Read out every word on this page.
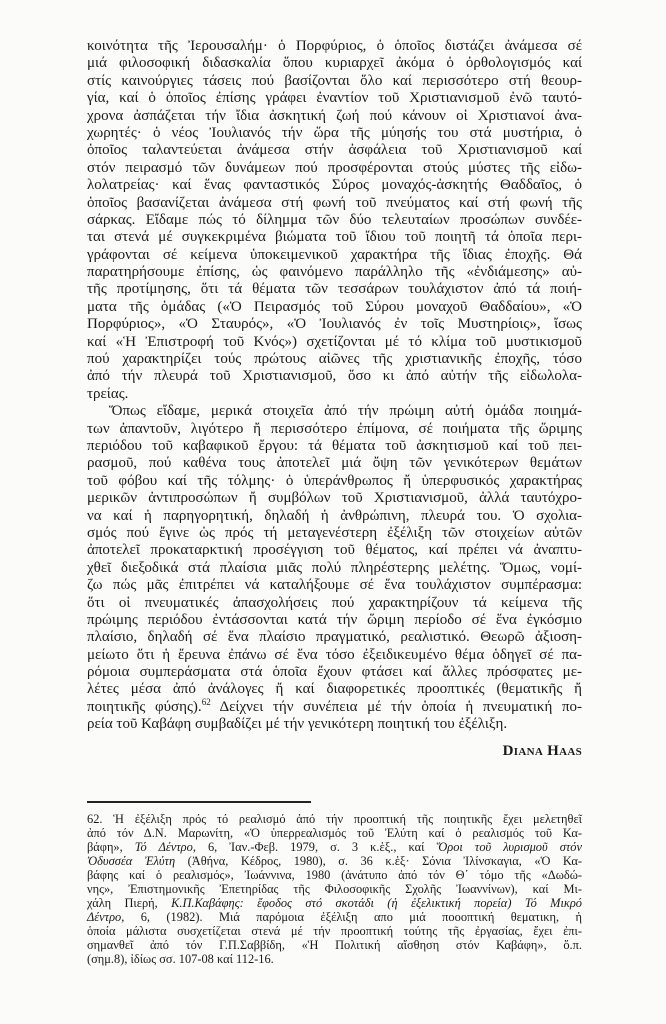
κοινότητα τῆς Ἰερουσαλήμ· ὁ Πορφύριος, ὁ ὁποῖος διστάζει ἀνάμεσα σέ
μιά φιλοσοφική διδασκαλία ὅπου κυριαρχεῖ ἀκόμα ὁ ὀρθολογισμός καί
στίς καινούργιες τάσεις πού βασίζονται ὅλο καί περισσότερο στή θεουρ-
γία, καί ὁ ὁποῖος ἐπίσης γράφει ἐναντίον τοῦ Χριστιανισμοῦ ἐνῶ ταυτό-
χρονα ἀσπάζεται τήν ἴδια ἀσκητική ζωή πού κάνουν οἱ Χριστιανοί ἀνα-
χωρητές· ὁ νέος Ἰουλιανός τήν ὥρα τῆς μύησής του στά μυστήρια, ὁ
ὁποῖος ταλαντεύεται ἀνάμεσα στήν ἀσφάλεια τοῦ Χριστιανισμοῦ καί
στόν πειρασμό τῶν δυνάμεων πού προσφέρονται στούς μύστες τῆς εἰδω-
λολατρείας· καί ἕνας φανταστικός Σύρος μοναχός-ἀσκητής Θαδδαῖος, ὁ
ὁποῖος βασανίζεται ἀνάμεσα στή φωνή τοῦ πνεύματος καί στή φωνή τῆς
σάρκας. Εἴδαμε πώς τό δίλημμα τῶν δύο τελευταίων προσώπων συνδέε-
ται στενά μέ συγκεκριμένα βιώματα τοῦ ἴδιου τοῦ ποιητῆ τά ὁποῖα περι-
γράφονται σέ κείμενα ὑποκειμενικοῦ χαρακτήρα τῆς ἴδιας ἐποχῆς. Θά
παρατηρήσουμε ἐπίσης, ὡς φαινόμενο παράλληλο τῆς «ἐνδιάμεσης» αὐ-
τῆς προτίμησης, ὅτι τά θέματα τῶν τεσσάρων τουλάχιστον ἀπό τά ποιή-
ματα τῆς ὁμάδας («Ὁ Πειρασμός τοῦ Σύρου μοναχοῦ Θαδδαίου», «Ὁ
Πορφύριος», «Ὁ Σταυρός», «Ὁ Ἰουλιανός ἐν τοῖς Μυστηρίοις», ἴσως
καί «Ἡ Ἐπιστροφή τοῦ Κνός») σχετίζονται μέ τό κλίμα τοῦ μυστικισμοῦ
πού χαρακτηρίζει τούς πρώτους αἰῶνες τῆς χριστιανικῆς ἐποχῆς, τόσο
ἀπό τήν πλευρά τοῦ Χριστιανισμοῦ, ὅσο κι ἀπό αὐτήν τῆς εἰδωλολα-
τρείας.
Ὅπως εἴδαμε, μερικά στοιχεῖα ἀπό τήν πρώιμη αὐτή ὁμάδα ποιημά-
των ἀπαντοῦν, λιγότερο ἤ περισσότερο ἐπίμονα, σέ ποιήματα τῆς ὥριμης
περιόδου τοῦ καβαφικοῦ ἔργου: τά θέματα τοῦ ἀσκητισμοῦ καί τοῦ πει-
ρασμοῦ, πού καθένα τους ἀποτελεῖ μιά ὄψη τῶν γενικότερων θεμάτων
τοῦ φόβου καί τῆς τόλμης· ὁ ὑπεράνθρωπος ἤ ὑπερφυσικός χαρακτήρας
μερικῶν ἀντιπροσώπων ἤ συμβόλων τοῦ Χριστιανισμοῦ, ἀλλά ταυτόχρο-
να καί ἡ παρηγορητική, δηλαδή ἡ ἀνθρώπινη, πλευρά του. Ὁ σχολια-
σμός πού ἔγινε ὡς πρός τή μεταγενέστερη ἐξέλιξη τῶν στοιχείων αὐτῶν
ἀποτελεῖ προκαταρκτική προσέγγιση τοῦ θέματος, καί πρέπει νά ἀναπτυ-
χθεῖ διεξοδικά στά πλαίσια μιᾶς πολύ πληρέστερης μελέτης. Ὅμως, νομί-
ζω πώς μᾶς ἐπιτρέπει νά καταλήξουμε σέ ἕνα τουλάχιστον συμπέρασμα:
ὅτι οἱ πνευματικές ἀπασχολήσεις πού χαρακτηρίζουν τά κείμενα τῆς
πρώιμης περιόδου ἐντάσσονται κατά τήν ὥριμη περίοδο σέ ἕνα ἐγκόσμιο
πλαίσιο, δηλαδή σέ ἕνα πλαίσιο πραγματικό, ρεαλιστικό. Θεωρῶ ἀξιοση-
μείωτο ὅτι ἡ ἔρευνα ἐπάνω σέ ἕνα τόσο ἐξειδικευμένο θέμα ὁδηγεῖ σέ πα-
ρόμοια συμπεράσματα στά ὁποῖα ἔχουν φτάσει καί ἄλλες πρόσφατες με-
λέτες μέσα ἀπό ἀνάλογες ἤ καί διαφορετικές προοπτικές (θεματικῆς ἤ
ποιητικῆς φύσης).$^{62}$ Δείχνει τήν συνέπεια μέ τήν ὁποία ἡ πνευματική πο-
ρεία τοῦ Καβάφη συμβαδίζει μέ τήν γενικότερη ποιητική του ἐξέλιξη.
Diana Haas
62. Ἡ ἐξέλιξη πρός τό ρεαλισμό ἀπό τήν προοπτική τῆς ποιητικῆς ἔχει μελετηθεῖ
ἀπό τόν Δ.Ν. Μαρωνίτη, «Ὁ ὑπερρεαλισμός τοῦ Ἐλύτη καί ὁ ρεαλισμός τοῦ Κα-
βάφη», Τό Δέντρο, 6, Ἰαν.-Φεβ. 1979, σ. 3 κ.ἑξ., καί Ὅροι τοῦ λυρισμοῦ στόν
Ὀδυσσέα Ἐλύτη (Ἀθήνα, Κέδρος, 1980), σ. 36 κ.ἑξ· Σόνια Ἰλίνσκαγια, «Ὁ Κα-
βάφης καί ὁ ρεαλισμός», Ἰωάννινα, 1980 (ἀνάτυπο ἀπό τόν Θ΄ τόμο τῆς «Δωδώ-
νης», Ἐπιστημονικῆς Ἐπετηρίδας τῆς Φιλοσοφικῆς Σχολῆς Ἰωαννίνων), καί Μι-
χάλη Πιερή, Κ.Π.Καβάφης: ἔφοδος στό σκοτάδι (ἡ ἐξελικτική πορεία) Τό Μικρό
Δέντρο, 6, (1982). Μιά παρόμοια ἐξέλιξη απο μιά ποοοπτική θεματικη, ἡ
ὁποία μάλιστα συσχετίζεται στενά μέ τήν προοπτική τούτης τῆς ἐργασίας, ἔχει ἐπι-
σημανθεῖ ἀπό τόν Γ.Π.Σαββίδη, «Ἡ Πολιτική αἴσθηση στόν Καβάφη», ὅ.π.
(σημ.8), ἰδίως σσ. 107-08 καί 112-16.
